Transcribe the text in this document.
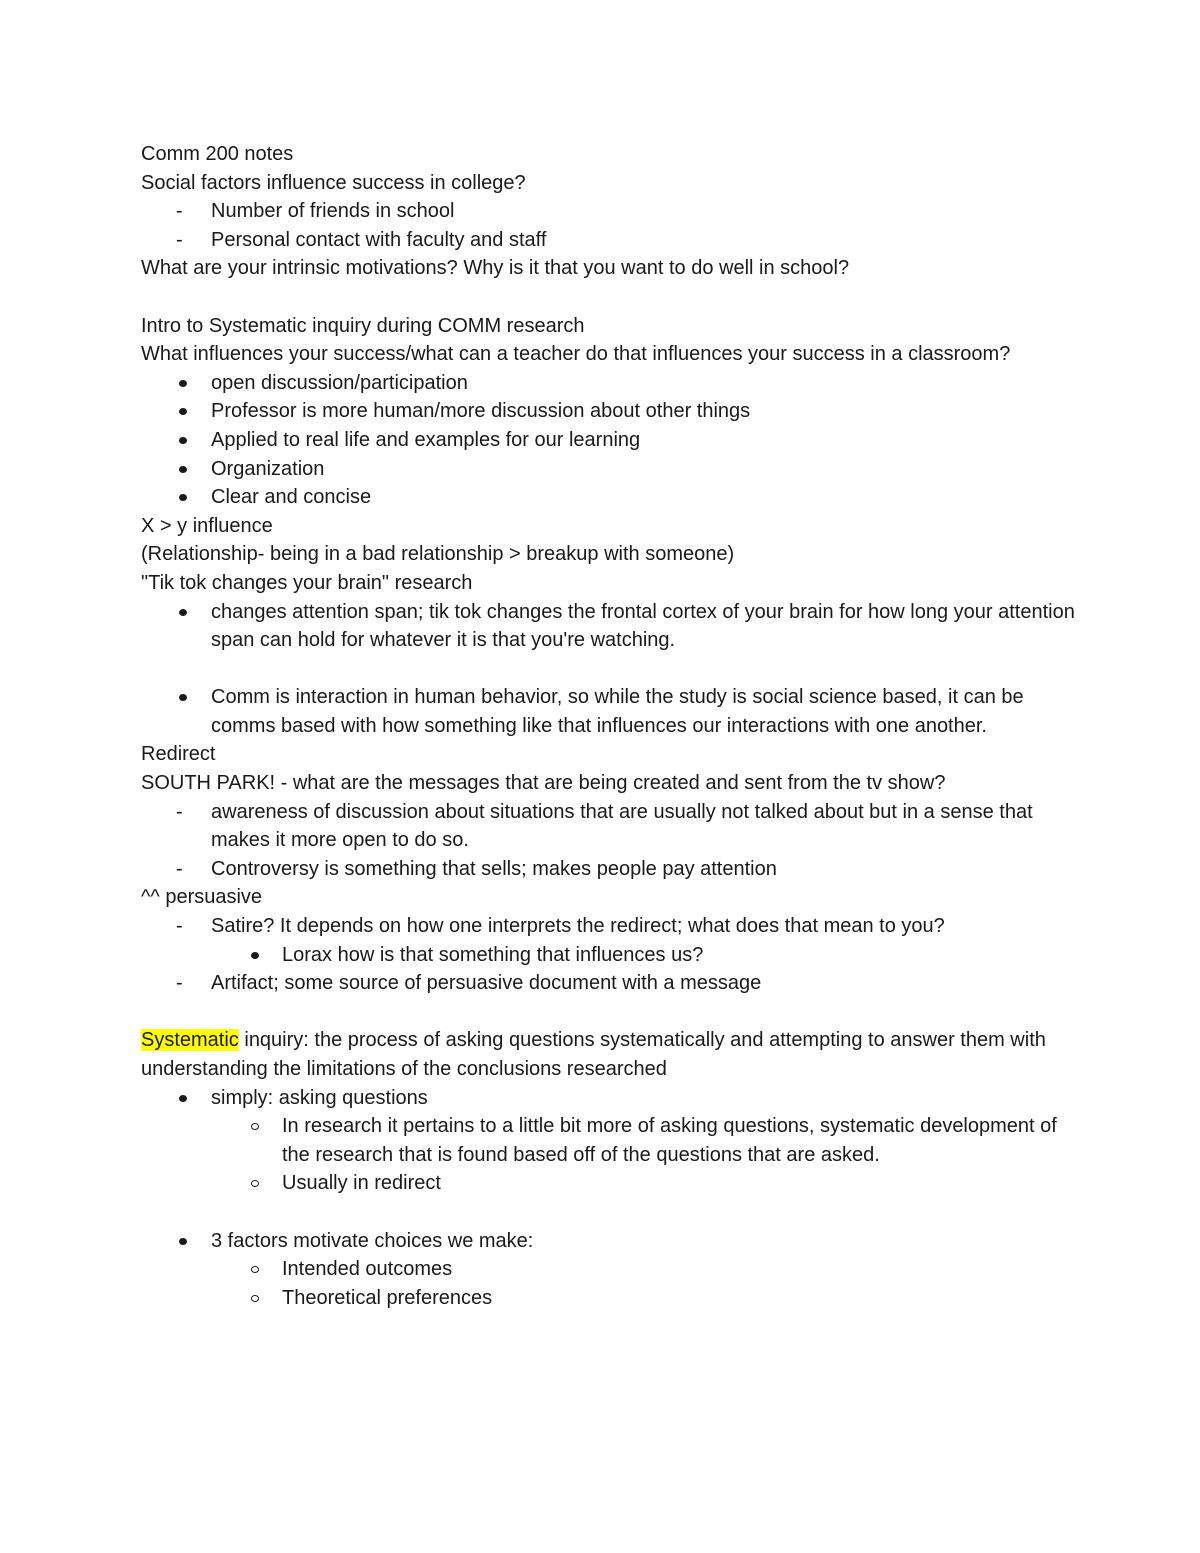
Comm 200 notes

Social factors influence success in college?

-
Number of friends in school
-
Personal contact with faculty and staff

What are your intrinsic motivations? Why is it that you want to do well in school?

Intro to Systematic inquiry during COMM research

What influences your success/what can a teacher do that influences your success in a classroom?

open discussion/participation
Professor is more human/more discussion about other things
Applied to real life and examples for our learning
Organization
Clear and concise

X > y influence

(Relationship- being in a bad relationship > breakup with someone)

"Tik tok changes your brain" research

changes attention span; tik tok changes the frontal cortex of your brain for how long your attention span can hold for whatever it is that you're watching.
Comm is interaction in human behavior, so while the study is social science based, it can be comms based with how something like that influences our interactions with one another.

Redirect

SOUTH PARK! - what are the messages that are being created and sent from the tv show?

-
awareness of discussion about situations that are usually not talked about but in a sense that makes it more open to do so.
-
Controversy is something that sells; makes people pay attention

^^ persuasive

-
Satire? It depends on how one interprets the redirect; what does that mean to you?
Lorax how is that something that influences us?
-
Artifact; some source of persuasive document with a message

Systematic inquiry: the process of asking questions systematically and attempting to answer them with understanding the limitations of the conclusions researched

simply: asking questions
In research it pertains to a little bit more of asking questions, systematic development of the research that is found based off of the questions that are asked.
Usually in redirect
3 factors motivate choices we make:
Intended outcomes
Theoretical preferences
